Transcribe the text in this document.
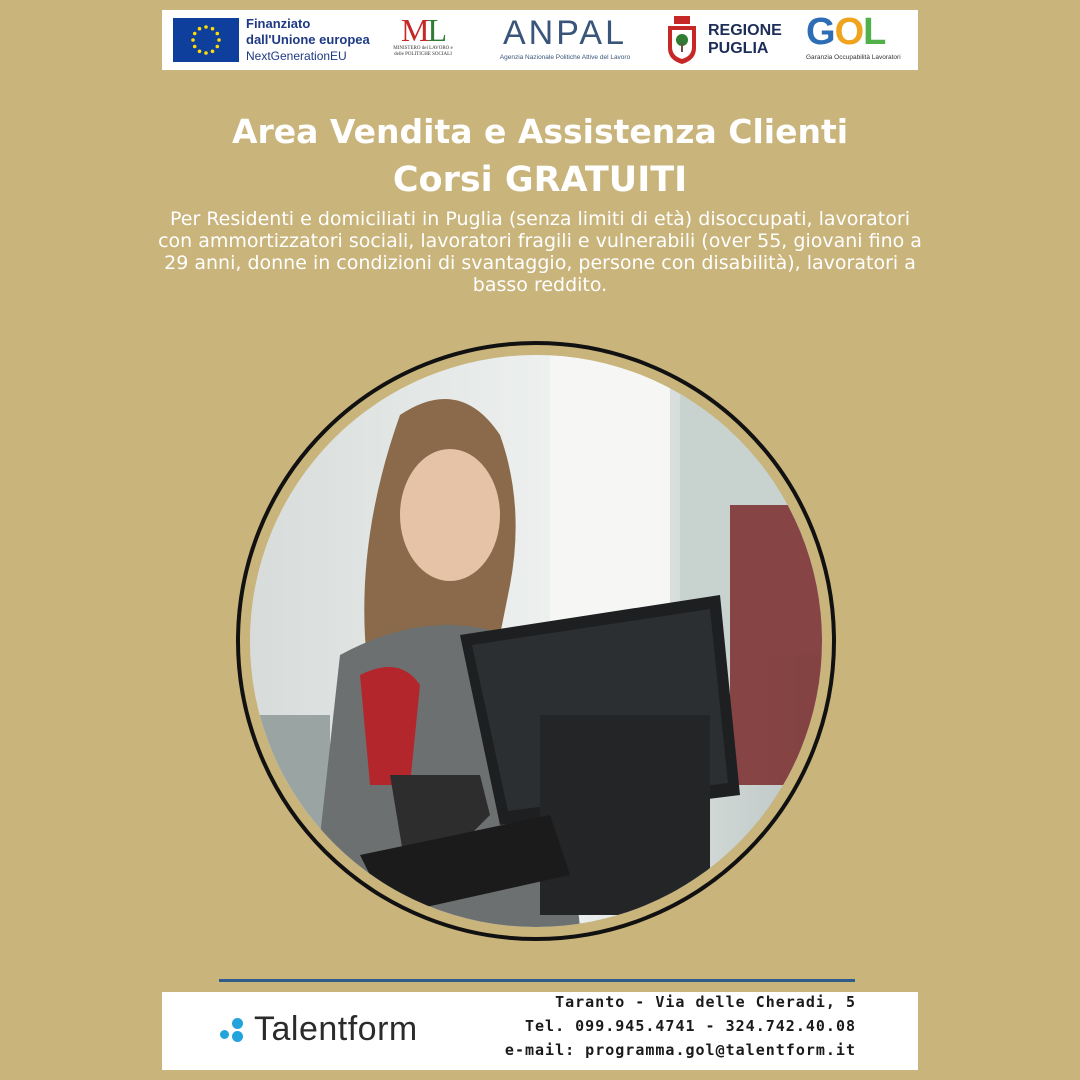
Finanziato
dall'Unione europea
NextGenerationEU
ML
MINISTERO del LAVORO e delle POLITICHE SOCIALI
ANPAL
Agenzia Nazionale Politiche Attive del Lavoro
REGIONE
PUGLIA GOL
Garanzia Occupabilità Lavoratori
Area Vendita e Assistenza Clienti
Corsi GRATUITI
Per Residenti e domiciliati in Puglia (senza limiti di età) disoccupati, lavoratori con ammortizzatori sociali, lavoratori fragili e vulnerabili (over 55, giovani fino a 29 anni, donne in condizioni di svantaggio, persone con disabilità), lavoratori a basso reddito.
Talentform
Taranto - Via delle Cheradi, 5
Tel. 099.945.4741 - 324.742.40.08
e-mail: programma.gol@talentform.it
